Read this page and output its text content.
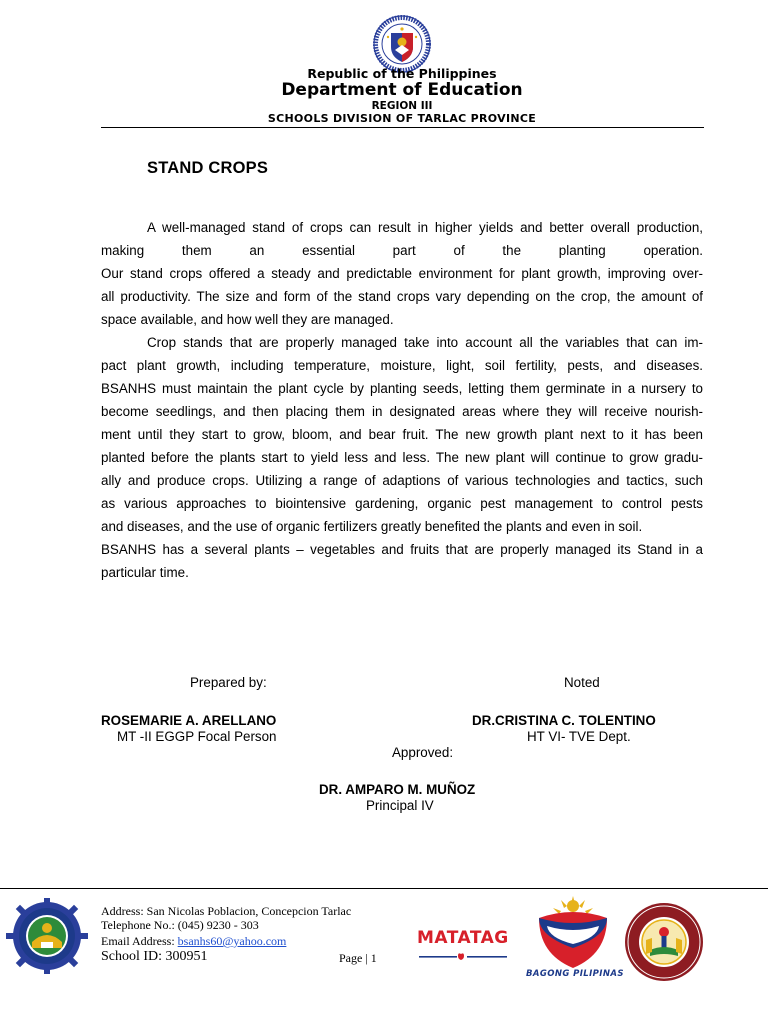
Republic of the Philippines
Department of Education
REGION III
SCHOOLS DIVISION OF TARLAC PROVINCE
STAND CROPS

A well-managed stand of crops can result in higher yields and better overall production,
making them an essential part of the planting operation.
Our stand crops offered a steady and predictable environment for plant growth, improving over-
all productivity. The size and form of the stand crops vary depending on the crop, the amount of
space available, and how well they are managed.

Crop stands that are properly managed take into account all the variables that can im-
pact plant growth, including temperature, moisture, light, soil fertility, pests, and diseases.
BSANHS must maintain the plant cycle by planting seeds, letting them germinate in a nursery to
become seedlings, and then placing them in designated areas where they will receive nourish-
ment until they start to grow, bloom, and bear fruit. The new growth plant next to it has been
planted before the plants start to yield less and less. The new plant will continue to grow gradu-
ally and produce crops. Utilizing a range of adaptions of various technologies and tactics, such
as various approaches to biointensive gardening, organic pest management to control pests
and diseases, and the use of organic fertilizers greatly benefited the plants and even in soil.
BSANHS has a several plants – vegetables and fruits that are properly managed its Stand in a
particular time.

Prepared by:	Noted
ROSEMARIE A. ARELLANO	DR.CRISTINA C. TOLENTINO
MT -II EGGP Focal Person	HT VI- TVE Dept.
Approved:
DR. AMPARO M. MUÑOZ
Principal IV
Address: San Nicolas Poblacion, Concepcion Tarlac
Telephone No.: (045) 9230 - 303
Email Address: bsanhs60@yahoo.com
School ID: 300951	Page | 1
MATATAG
BAGONG PILIPINAS
